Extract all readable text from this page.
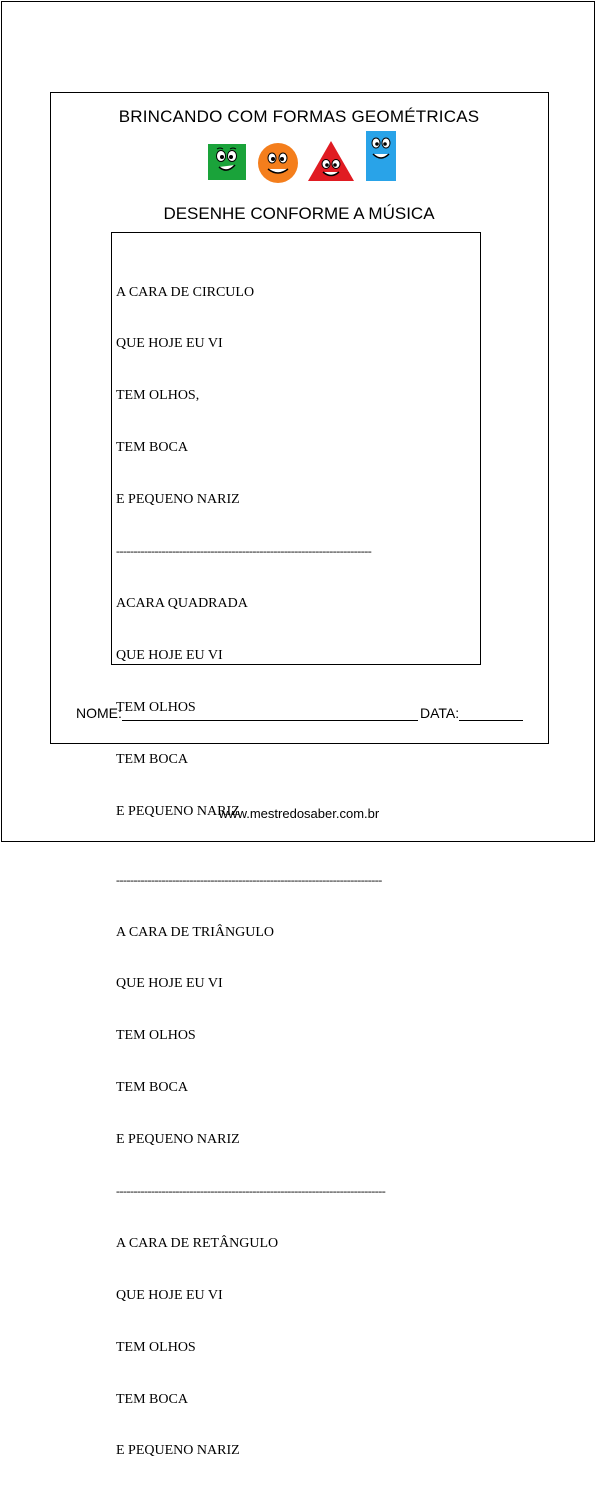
BRINCANDO COM FORMAS GEOMÉTRICAS
DESENHE CONFORME A MÚSICA

A CARA DE CIRCULO

QUE HOJE EU VI

TEM OLHOS,

TEM BOCA

E PEQUENO NARIZ

-------------------------------------------------------------------------

ACARA QUADRADA

QUE HOJE EU VI

TEM OLHOS

TEM BOCA

E PEQUENO NARIZ

----------------------------------------------------------------------------

A CARA DE TRIÂNGULO

QUE HOJE EU VI

TEM OLHOS

TEM BOCA

E PEQUENO NARIZ

-----------------------------------------------------------------------------

A CARA DE RETÂNGULO

QUE HOJE EU VI

TEM OLHOS

TEM BOCA

E PEQUENO NARIZ

NOME:	DATA:
www.mestredosaber.com.br
